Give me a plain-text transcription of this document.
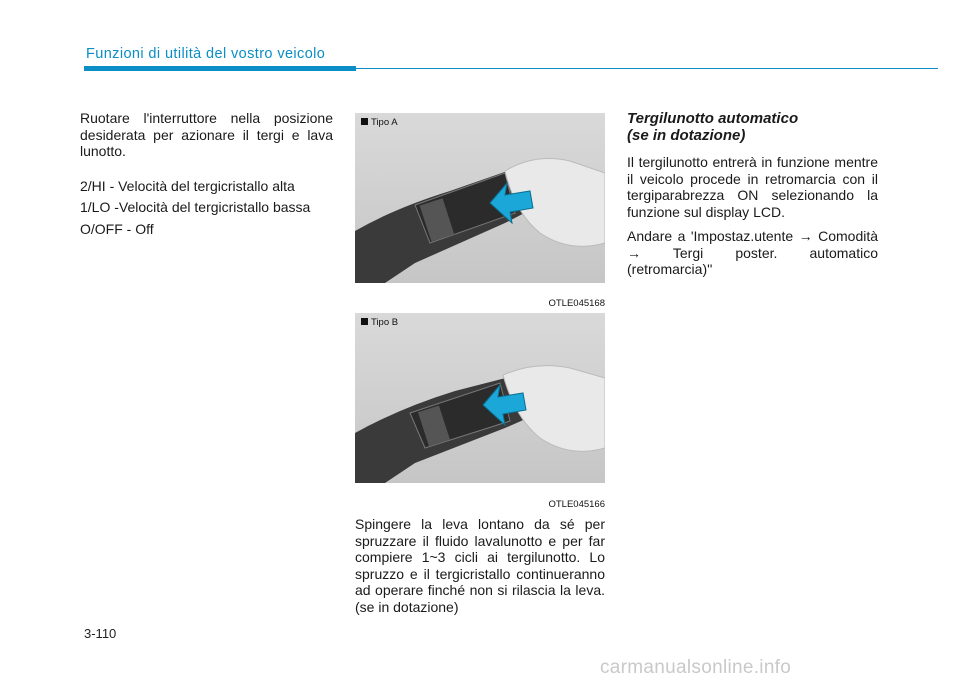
Funzioni di utilità del vostro veicolo

Ruotare l'interruttore nella posizione desiderata per azionare il tergi e lava lunotto.

2/HI - Velocità del tergicristallo alta
1/LO - Velocità del tergicristallo bassa
O/OFF - Off
Tipo A
OTLE045168
Tipo B
OTLE045166

Spingere la leva lontano da sé per spruzzare il fluido lavalunotto e per far compiere 1~3 cicli ai tergilunotto. Lo spruzzo e il tergicristallo continueranno ad operare finché non si rilascia la leva. (se in dotazione)

Tergilunotto automatico
(se in dotazione)

Il tergilunotto entrerà in funzione mentre il veicolo procede in retromarcia con il tergiparabrezza ON selezionando la funzione sul display LCD.

Andare a 'Impostaz.utente → Comodità → Tergi poster. automatico (retromarcia)''

3-110
carmanualsonline.info
